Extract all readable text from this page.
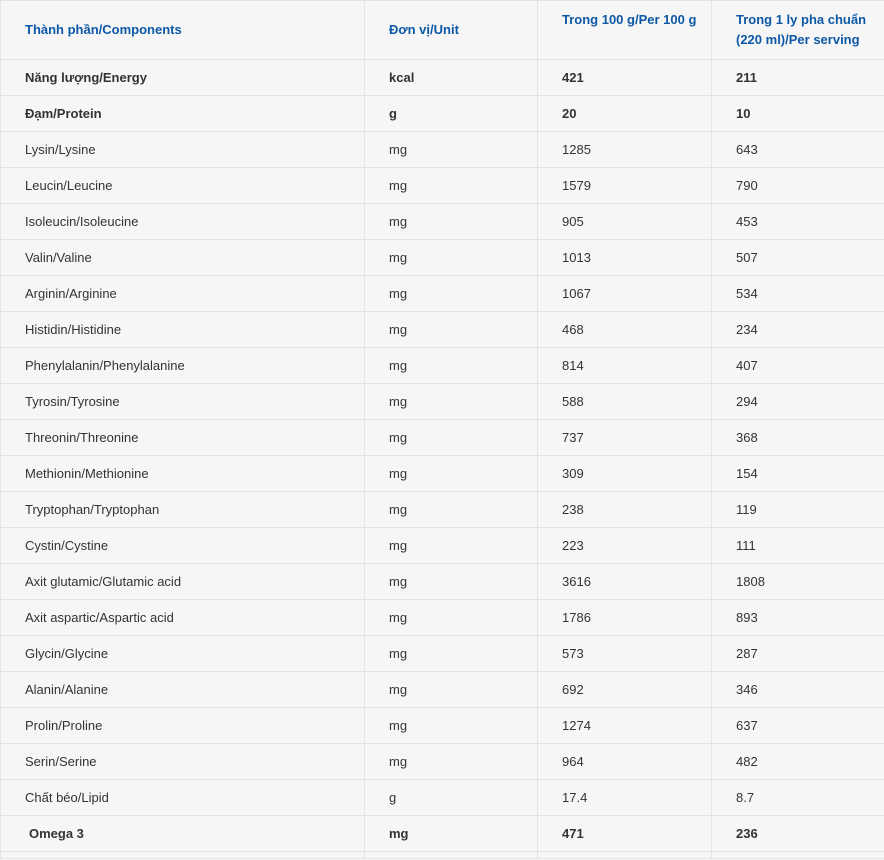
Thành phần/Components	Đơn vị/Unit	Trong 100 g/Per 100 g	Trong 1 ly pha chuẩn (220 ml)/Per serving
Năng lượng/Energy	kcal	421	211
Đạm/Protein	g	20	10
Lysin/Lysine	mg	1285	643
Leucin/Leucine	mg	1579	790
Isoleucin/Isoleucine	mg	905	453
Valin/Valine	mg	1013	507
Arginin/Arginine	mg	1067	534
Histidin/Histidine	mg	468	234
Phenylalanin/Phenylalanine	mg	814	407
Tyrosin/Tyrosine	mg	588	294
Threonin/Threonine	mg	737	368
Methionin/Methionine	mg	309	154
Tryptophan/Tryptophan	mg	238	119
Cystin/Cystine	mg	223	111
Axit glutamic/Glutamic acid	mg	3616	1808
Axit aspartic/Aspartic acid	mg	1786	893
Glycin/Glycine	mg	573	287
Alanin/Alanine	mg	692	346
Prolin/Proline	mg	1274	637
Serin/Serine	mg	964	482
Chất béo/Lipid	g	17.4	8.7
Omega 3	mg	471	236
